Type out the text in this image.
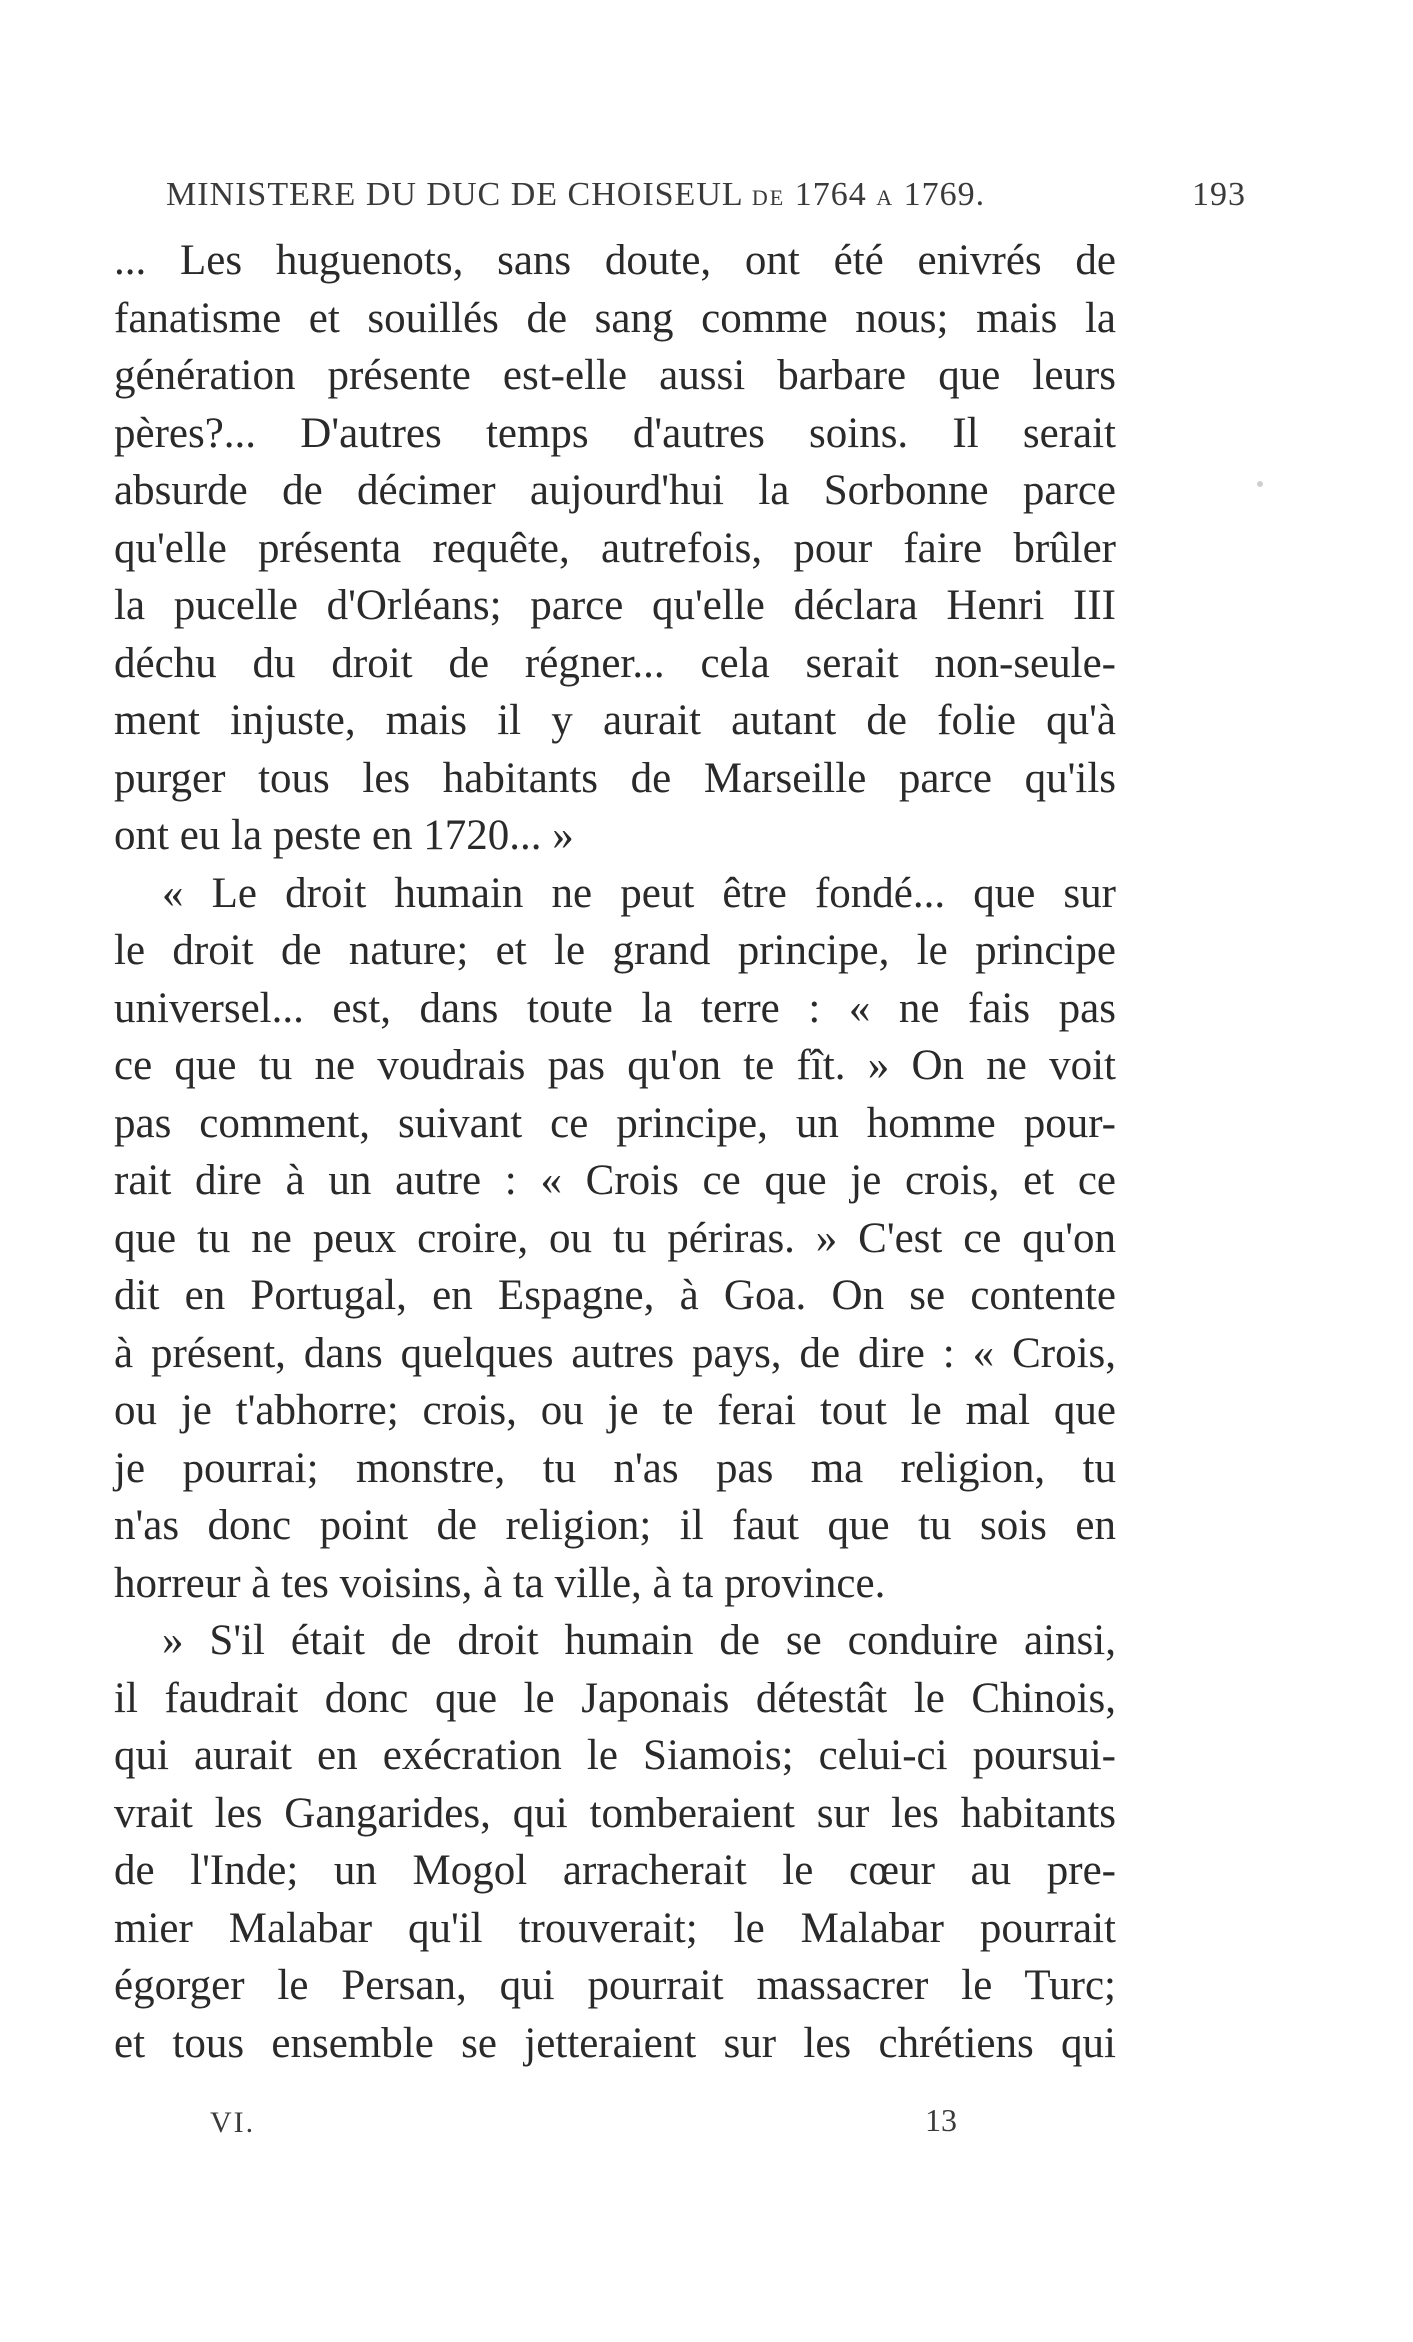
MINISTERE DU DUC DE CHOISEUL DE 1764 A 1769.	193
... Les huguenots, sans doute, ont été enivrés de
fanatisme et souillés de sang comme nous; mais la
génération présente est-elle aussi barbare que leurs
pères?... D'autres temps d'autres soins. Il serait
absurde de décimer aujourd'hui la Sorbonne parce
qu'elle présenta requête, autrefois, pour faire brûler
la pucelle d'Orléans; parce qu'elle déclara Henri III
déchu du droit de régner... cela serait non-seule-
ment injuste, mais il y aurait autant de folie qu'à
purger tous les habitants de Marseille parce qu'ils
ont eu la peste en 1720... »
« Le droit humain ne peut être fondé... que sur
le droit de nature; et le grand principe, le principe
universel... est, dans toute la terre : « ne fais pas
ce que tu ne voudrais pas qu'on te fît. » On ne voit
pas comment, suivant ce principe, un homme pour-
rait dire à un autre : « Crois ce que je crois, et ce
que tu ne peux croire, ou tu périras. » C'est ce qu'on
dit en Portugal, en Espagne, à Goa. On se contente
à présent, dans quelques autres pays, de dire : « Crois,
ou je t'abhorre; crois, ou je te ferai tout le mal que
je pourrai; monstre, tu n'as pas ma religion, tu
n'as donc point de religion; il faut que tu sois en
horreur à tes voisins, à ta ville, à ta province.
» S'il était de droit humain de se conduire ainsi,
il faudrait donc que le Japonais détestât le Chinois,
qui aurait en exécration le Siamois; celui-ci poursui-
vrait les Gangarides, qui tomberaient sur les habitants
de l'Inde; un Mogol arracherait le cœur au pre-
mier Malabar qu'il trouverait; le Malabar pourrait
égorger le Persan, qui pourrait massacrer le Turc;
et tous ensemble se jetteraient sur les chrétiens qui
VI.	13
